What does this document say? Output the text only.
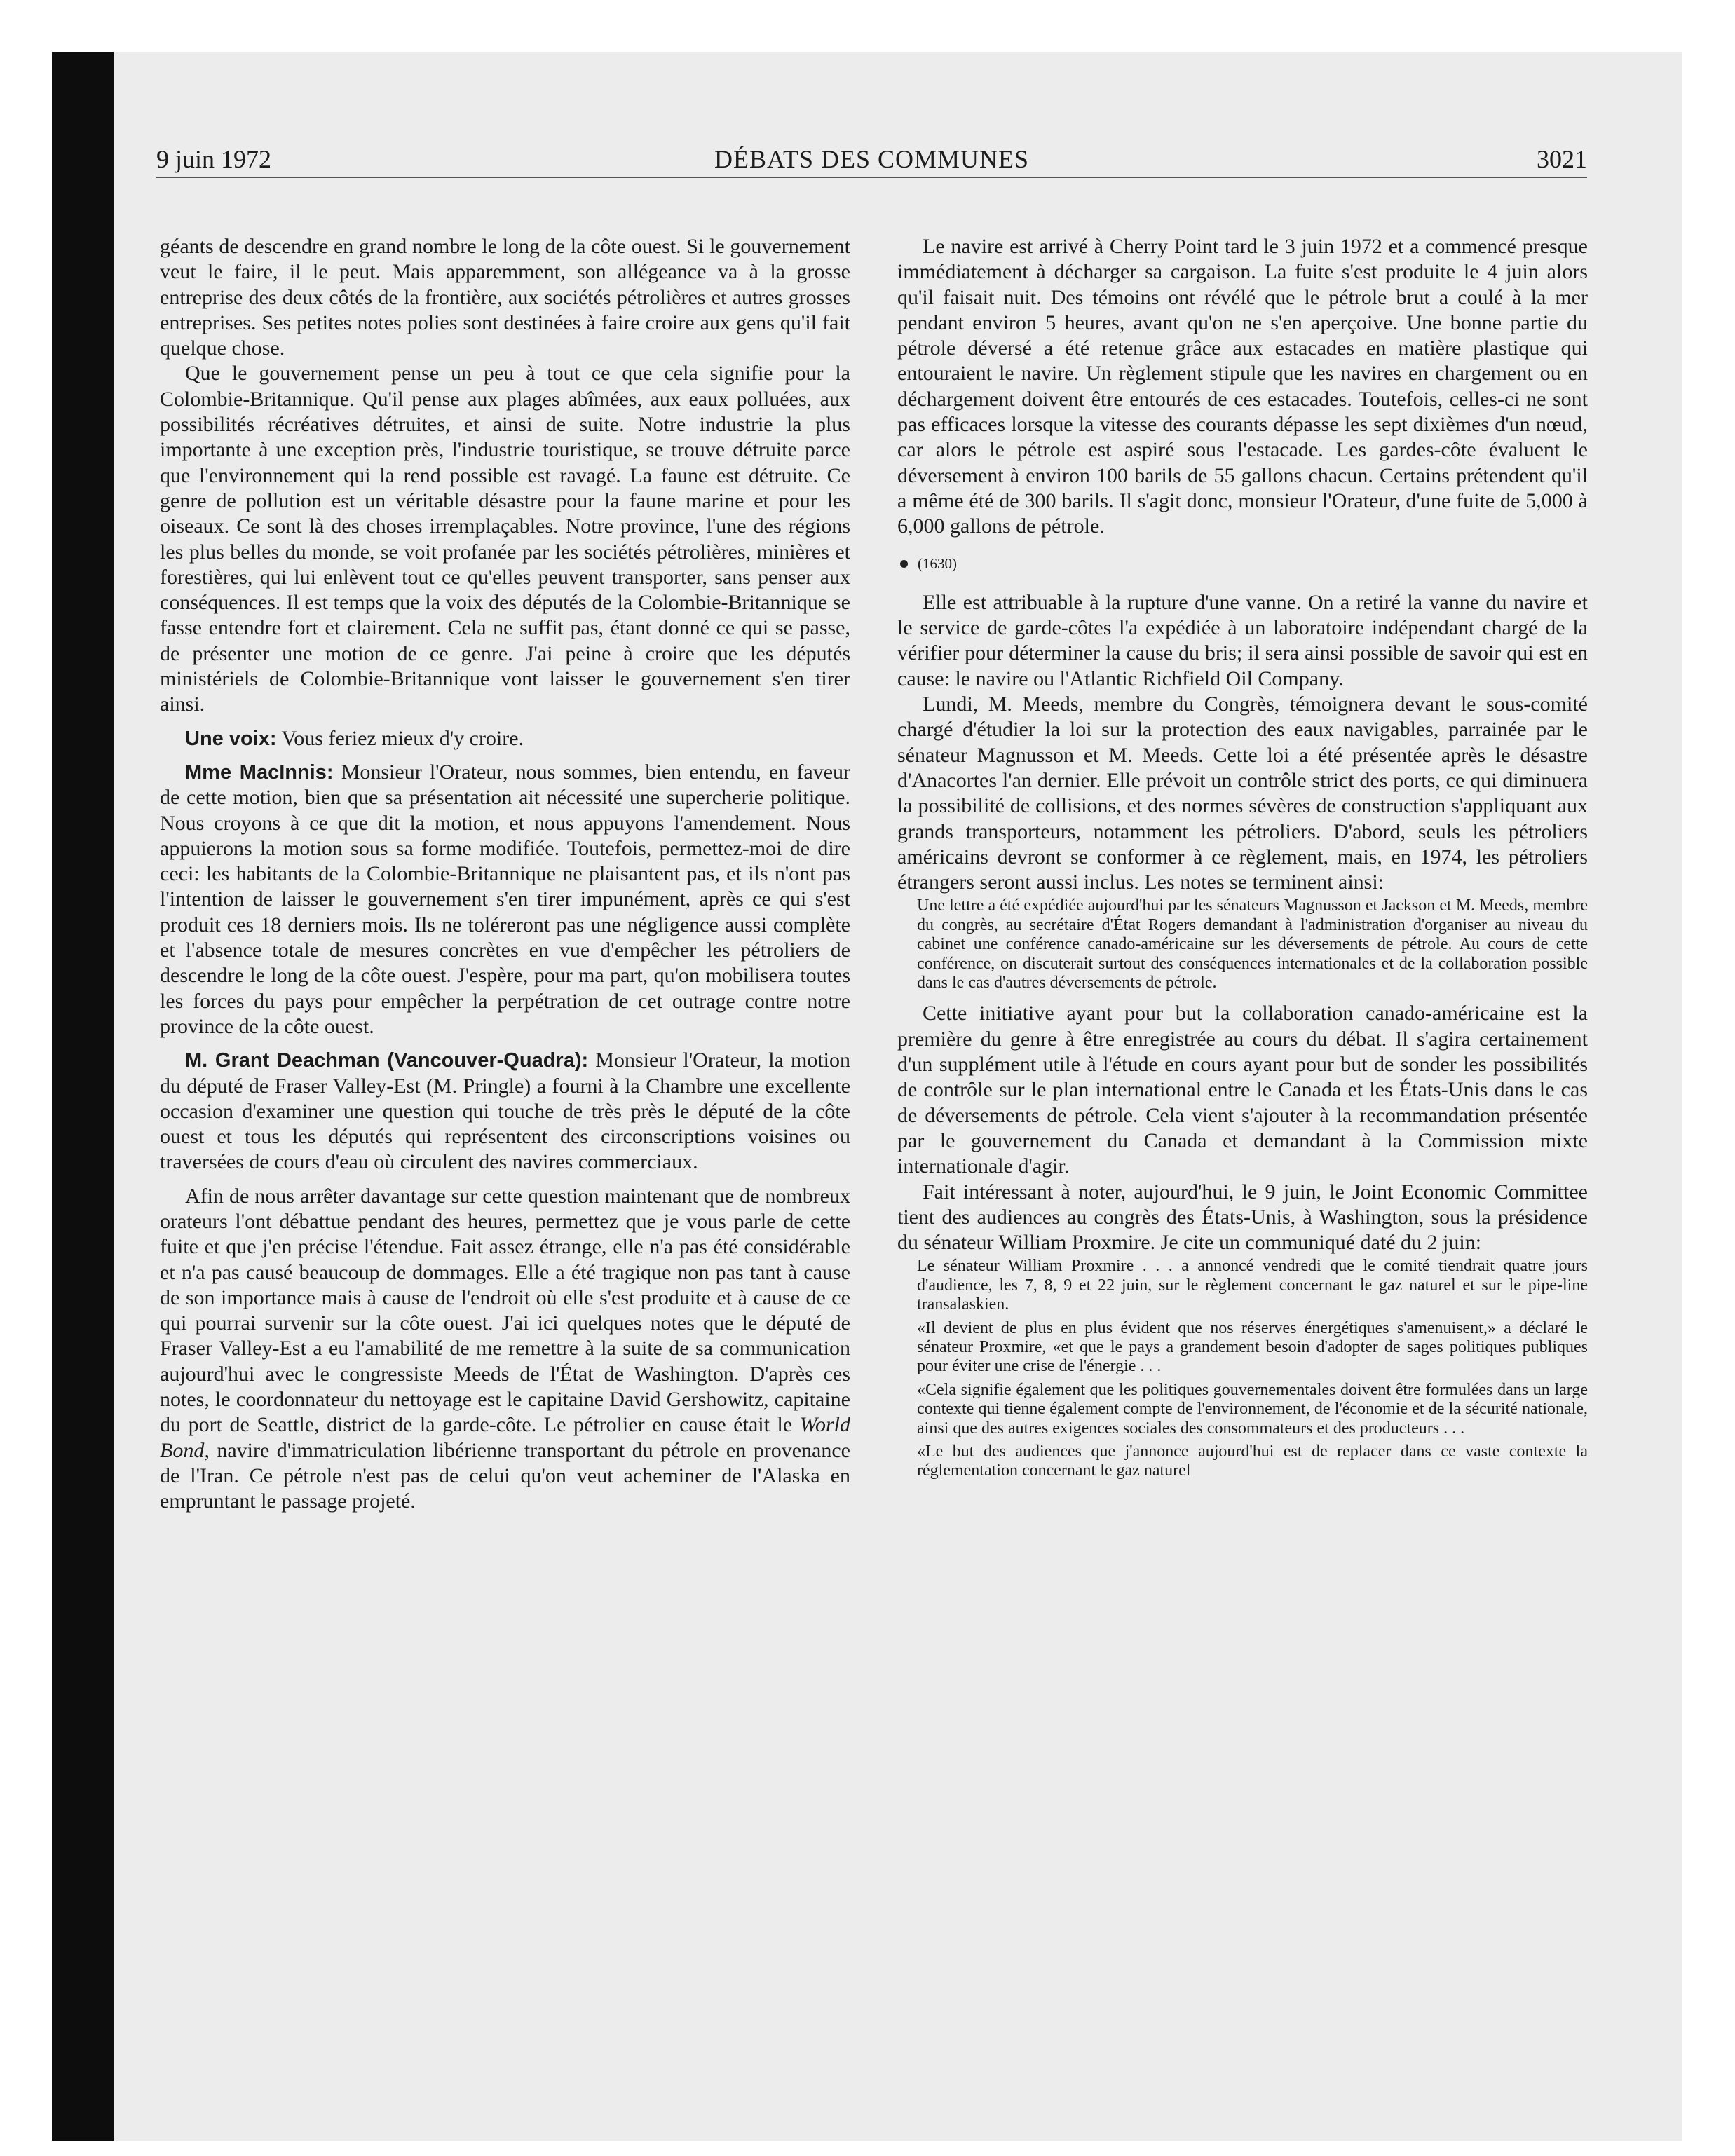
9 juin 1972	DÉBATS DES COMMUNES	3021

géants de descendre en grand nombre le long de la côte ouest. Si le gouvernement veut le faire, il le peut. Mais apparemment, son allégeance va à la grosse entreprise des deux côtés de la frontière, aux sociétés pétrolières et autres grosses entreprises. Ses petites notes polies sont destinées à faire croire aux gens qu'il fait quelque chose.

Que le gouvernement pense un peu à tout ce que cela signifie pour la Colombie-Britannique. Qu'il pense aux plages abîmées, aux eaux polluées, aux possibilités récréatives détruites, et ainsi de suite. Notre industrie la plus importante à une exception près, l'industrie touristique, se trouve détruite parce que l'environnement qui la rend possible est ravagé. La faune est détruite. Ce genre de pollution est un véritable désastre pour la faune marine et pour les oiseaux. Ce sont là des choses irremplaçables. Notre province, l'une des régions les plus belles du monde, se voit profanée par les sociétés pétrolières, minières et forestières, qui lui enlèvent tout ce qu'elles peuvent transporter, sans penser aux conséquences. Il est temps que la voix des députés de la Colombie-Britannique se fasse entendre fort et clairement. Cela ne suffit pas, étant donné ce qui se passe, de présenter une motion de ce genre. J'ai peine à croire que les députés ministériels de Colombie-Britannique vont laisser le gouvernement s'en tirer ainsi.

Une voix: Vous feriez mieux d'y croire.

Mme MacInnis: Monsieur l'Orateur, nous sommes, bien entendu, en faveur de cette motion, bien que sa présentation ait nécessité une supercherie politique. Nous croyons à ce que dit la motion, et nous appuyons l'amendement. Nous appuierons la motion sous sa forme modifiée. Toutefois, permettez-moi de dire ceci: les habitants de la Colombie-Britannique ne plaisantent pas, et ils n'ont pas l'intention de laisser le gouvernement s'en tirer impunément, après ce qui s'est produit ces 18 derniers mois. Ils ne toléreront pas une négligence aussi complète et l'absence totale de mesures concrètes en vue d'empêcher les pétroliers de descendre le long de la côte ouest. J'espère, pour ma part, qu'on mobilisera toutes les forces du pays pour empêcher la perpétration de cet outrage contre notre province de la côte ouest.

M. Grant Deachman (Vancouver-Quadra): Monsieur l'Orateur, la motion du député de Fraser Valley-Est (M. Pringle) a fourni à la Chambre une excellente occasion d'examiner une question qui touche de très près le député de la côte ouest et tous les députés qui représentent des circonscriptions voisines ou traversées de cours d'eau où circulent des navires commerciaux.

Afin de nous arrêter davantage sur cette question maintenant que de nombreux orateurs l'ont débattue pendant des heures, permettez que je vous parle de cette fuite et que j'en précise l'étendue. Fait assez étrange, elle n'a pas été considérable et n'a pas causé beaucoup de dommages. Elle a été tragique non pas tant à cause de son importance mais à cause de l'endroit où elle s'est produite et à cause de ce qui pourrai survenir sur la côte ouest. J'ai ici quelques notes que le député de Fraser Valley-Est a eu l'amabilité de me remettre à la suite de sa communication aujourd'hui avec le congressiste Meeds de l'État de Washington. D'après ces notes, le coordonnateur du nettoyage est le capitaine David Gershowitz, capitaine du port de Seattle, district de la garde-côte. Le pétrolier en cause était le World Bond, navire d'immatriculation libérienne transportant du pétrole en provenance de l'Iran. Ce pétrole n'est pas de celui qu'on veut acheminer de l'Alaska en empruntant le passage projeté.

Le navire est arrivé à Cherry Point tard le 3 juin 1972 et a commencé presque immédiatement à décharger sa cargaison. La fuite s'est produite le 4 juin alors qu'il faisait nuit. Des témoins ont révélé que le pétrole brut a coulé à la mer pendant environ 5 heures, avant qu'on ne s'en aperçoive. Une bonne partie du pétrole déversé a été retenue grâce aux estacades en matière plastique qui entouraient le navire. Un règlement stipule que les navires en chargement ou en déchargement doivent être entourés de ces estacades. Toutefois, celles-ci ne sont pas efficaces lorsque la vitesse des courants dépasse les sept dixièmes d'un nœud, car alors le pétrole est aspiré sous l'estacade. Les gardes-côte évaluent le déversement à environ 100 barils de 55 gallons chacun. Certains prétendent qu'il a même été de 300 barils. Il s'agit donc, monsieur l'Orateur, d'une fuite de 5,000 à 6,000 gallons de pétrole.

(1630)

Elle est attribuable à la rupture d'une vanne. On a retiré la vanne du navire et le service de garde-côtes l'a expédiée à un laboratoire indépendant chargé de la vérifier pour déterminer la cause du bris; il sera ainsi possible de savoir qui est en cause: le navire ou l'Atlantic Richfield Oil Company.

Lundi, M. Meeds, membre du Congrès, témoignera devant le sous-comité chargé d'étudier la loi sur la protection des eaux navigables, parrainée par le sénateur Magnusson et M. Meeds. Cette loi a été présentée après le désastre d'Anacortes l'an dernier. Elle prévoit un contrôle strict des ports, ce qui diminuera la possibilité de collisions, et des normes sévères de construction s'appliquant aux grands transporteurs, notamment les pétroliers. D'abord, seuls les pétroliers américains devront se conformer à ce règlement, mais, en 1974, les pétroliers étrangers seront aussi inclus. Les notes se terminent ainsi:

Une lettre a été expédiée aujourd'hui par les sénateurs Magnusson et Jackson et M. Meeds, membre du congrès, au secrétaire d'État Rogers demandant à l'administration d'organiser au niveau du cabinet une conférence canado-américaine sur les déversements de pétrole. Au cours de cette conférence, on discuterait surtout des conséquences internationales et de la collaboration possible dans le cas d'autres déversements de pétrole.

Cette initiative ayant pour but la collaboration canado-américaine est la première du genre à être enregistrée au cours du débat. Il s'agira certainement d'un supplément utile à l'étude en cours ayant pour but de sonder les possibilités de contrôle sur le plan international entre le Canada et les États-Unis dans le cas de déversements de pétrole. Cela vient s'ajouter à la recommandation présentée par le gouvernement du Canada et demandant à la Commission mixte internationale d'agir.

Fait intéressant à noter, aujourd'hui, le 9 juin, le Joint Economic Committee tient des audiences au congrès des États-Unis, à Washington, sous la présidence du sénateur William Proxmire. Je cite un communiqué daté du 2 juin:

Le sénateur William Proxmire . . . a annoncé vendredi que le comité tiendrait quatre jours d'audience, les 7, 8, 9 et 22 juin, sur le règlement concernant le gaz naturel et sur le pipe-line transalaskien.

«Il devient de plus en plus évident que nos réserves énergétiques s'amenuisent,» a déclaré le sénateur Proxmire, «et que le pays a grandement besoin d'adopter de sages politiques publiques pour éviter une crise de l'énergie . . .

«Cela signifie également que les politiques gouvernementales doivent être formulées dans un large contexte qui tienne également compte de l'environnement, de l'économie et de la sécurité nationale, ainsi que des autres exigences sociales des consommateurs et des producteurs . . .

«Le but des audiences que j'annonce aujourd'hui est de replacer dans ce vaste contexte la réglementation concernant le gaz naturel
